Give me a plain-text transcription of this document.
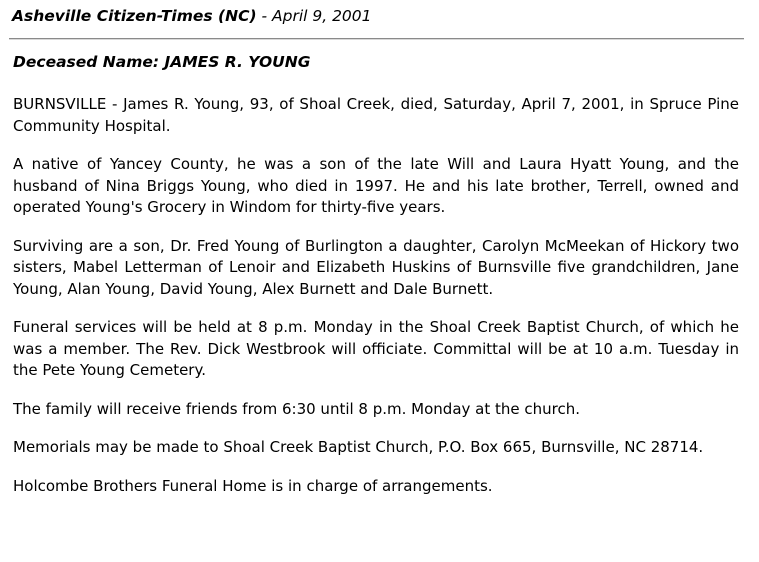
Asheville Citizen-Times (NC) - April 9, 2001
Deceased Name: JAMES R. YOUNG

BURNSVILLE - James R. Young, 93, of Shoal Creek, died, Saturday, April 7, 2001, in Spruce Pine Community Hospital.

A native of Yancey County, he was a son of the late Will and Laura Hyatt Young, and the husband of Nina Briggs Young, who died in 1997. He and his late brother, Terrell, owned and operated Young's Grocery in Windom for thirty-five years.

Surviving are a son, Dr. Fred Young of Burlington a daughter, Carolyn McMeekan of Hickory two sisters, Mabel Letterman of Lenoir and Elizabeth Huskins of Burnsville five grandchildren, Jane Young, Alan Young, David Young, Alex Burnett and Dale Burnett.

Funeral services will be held at 8 p.m. Monday in the Shoal Creek Baptist Church, of which he was a member. The Rev. Dick Westbrook will officiate. Committal will be at 10 a.m. Tuesday in the Pete Young Cemetery.

The family will receive friends from 6:30 until 8 p.m. Monday at the church.

Memorials may be made to Shoal Creek Baptist Church, P.O. Box 665, Burnsville, NC 28714.

Holcombe Brothers Funeral Home is in charge of arrangements.
